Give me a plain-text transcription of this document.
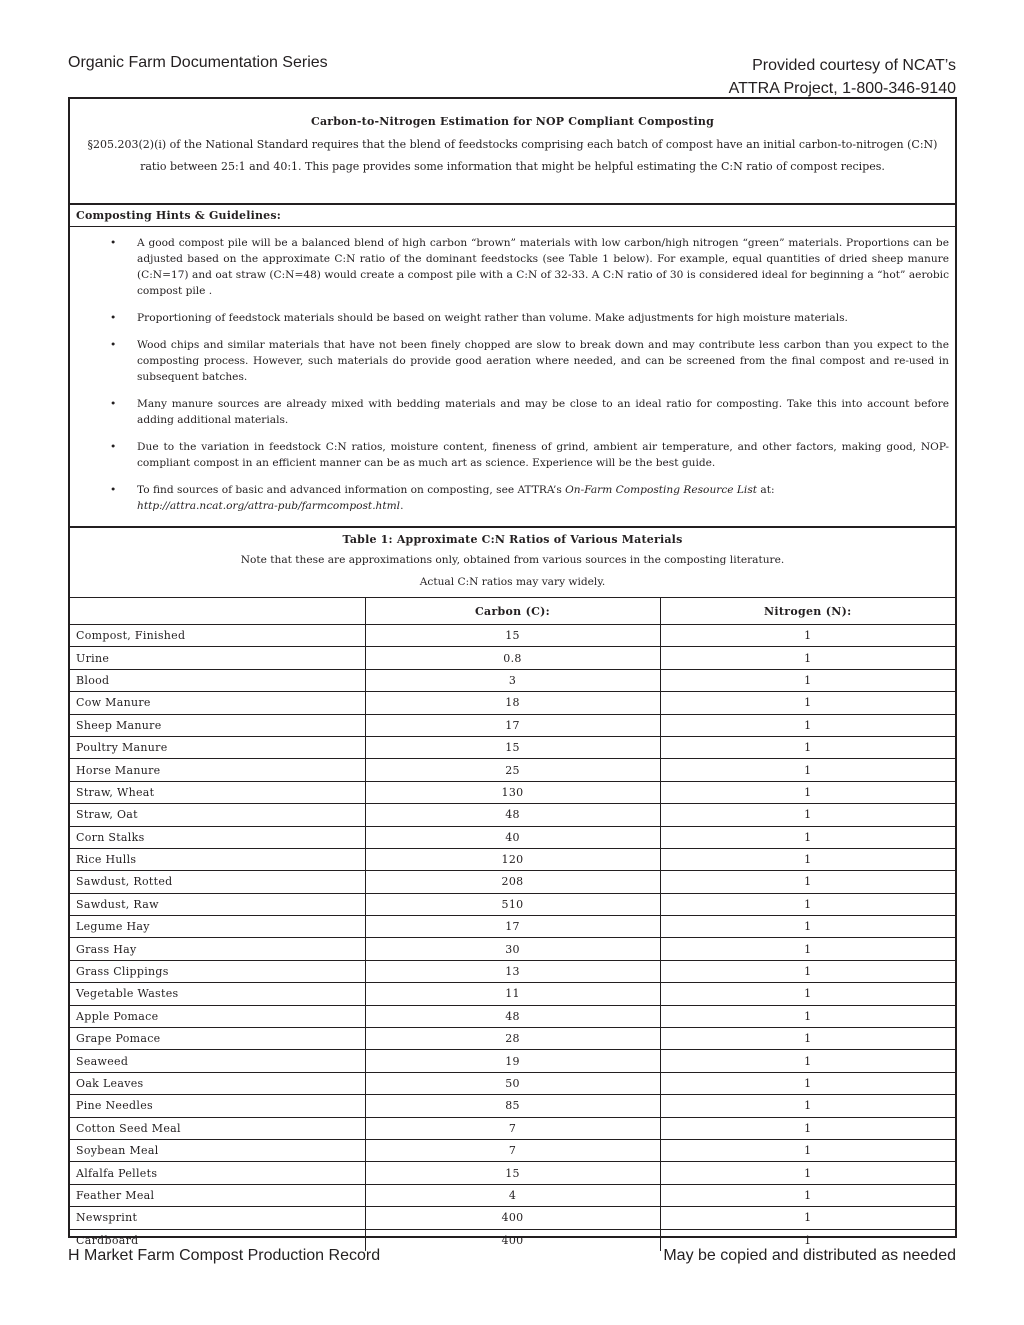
Organic Farm Documentation Series	Provided courtesy of NCAT’s
ATTRA Project, 1-800-346-9140
Carbon-to-Nitrogen Estimation for NOP Compliant Composting
§205.203(2)(i) of the National Standard requires that the blend of feedstocks comprising each batch of compost have an initial carbon-to-nitrogen (C:N) ratio between 25:1 and 40:1. This page provides some information that might be helpful estimating the C:N ratio of compost recipes.
Composting Hints & Guidelines:
• A good compost pile will be a balanced blend of high carbon “brown” materials with low carbon/high nitrogen “green” materials. Proportions can be adjusted based on the approximate C:N ratio of the dominant feedstocks (see Table 1 below). For example, equal quantities of dried sheep manure (C:N=17) and oat straw (C:N=48) would create a compost pile with a C:N of 32-33. A C:N ratio of 30 is considered ideal for beginning a “hot” aerobic compost pile .
• Proportioning of feedstock materials should be based on weight rather than volume. Make adjustments for high moisture materials.
• Wood chips and similar materials that have not been finely chopped are slow to break down and may contribute less carbon than you expect to the composting process. However, such materials do provide good aeration where needed, and can be screened from the final compost and re-used in subsequent batches.
• Many manure sources are already mixed with bedding materials and may be close to an ideal ratio for composting. Take this into account before adding additional materials.
• Due to the variation in feedstock C:N ratios, moisture content, fineness of grind, ambient air temperature, and other factors, making good, NOP-compliant compost in an efficient manner can be as much art as science. Experience will be the best guide.
• To find sources of basic and advanced information on composting, see ATTRA’s On-Farm Composting Resource List at:
http://attra.ncat.org/attra-pub/farmcompost.html.
Table 1: Approximate C:N Ratios of Various Materials
Note that these are approximations only, obtained from various sources in the composting literature.
Actual C:N ratios may vary widely.
	Carbon (C):	Nitrogen (N):
Compost, Finished	15	1
Urine	0.8	1
Blood	3	1
Cow Manure	18	1
Sheep Manure	17	1
Poultry Manure	15	1
Horse Manure	25	1
Straw, Wheat	130	1
Straw, Oat	48	1
Corn Stalks	40	1
Rice Hulls	120	1
Sawdust, Rotted	208	1
Sawdust, Raw	510	1
Legume Hay	17	1
Grass Hay	30	1
Grass Clippings	13	1
Vegetable Wastes	11	1
Apple Pomace	48	1
Grape Pomace	28	1
Seaweed	19	1
Oak Leaves	50	1
Pine Needles	85	1
Cotton Seed Meal	7	1
Soybean Meal	7	1
Alfalfa Pellets	15	1
Feather Meal	4	1
Newsprint	400	1
Cardboard	400	1
H Market Farm Compost Production Record	May be copied and distributed as needed
